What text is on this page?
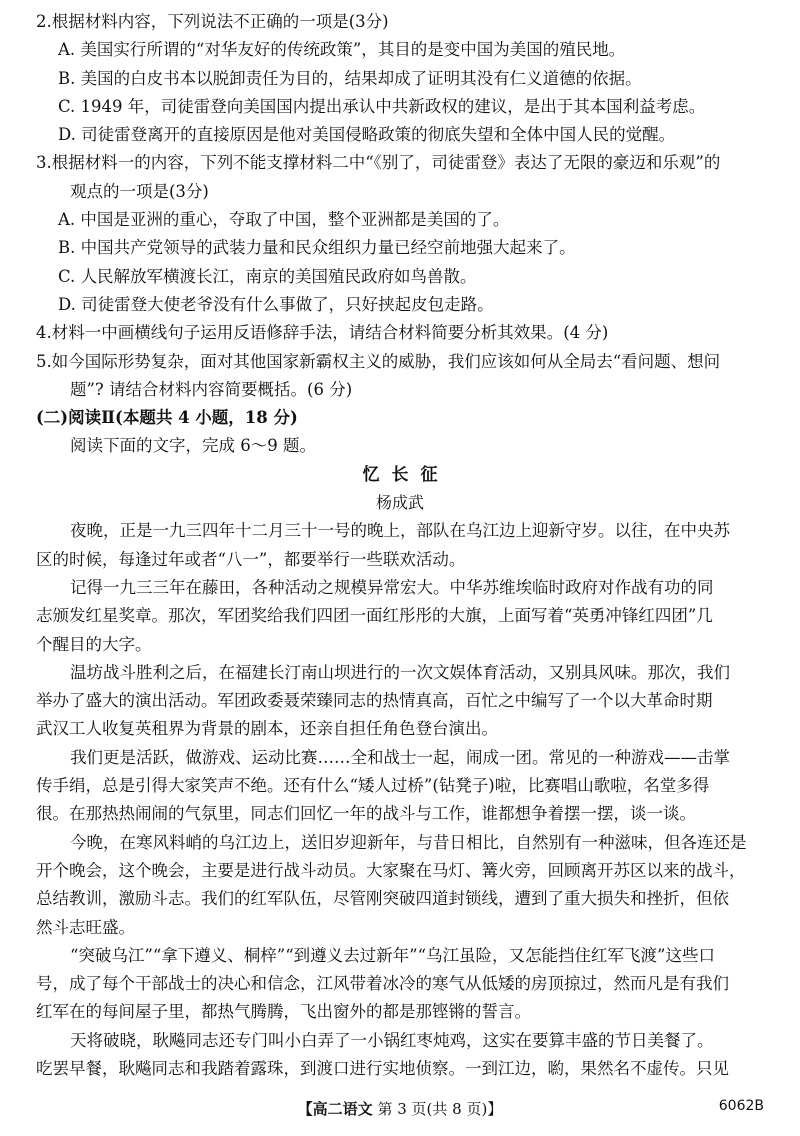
2.根据材料内容，下列说法不正确的一项是(3分)
A. 美国实行所谓的“对华友好的传统政策”，其目的是变中国为美国的殖民地。
B. 美国的白皮书本以脱卸责任为目的，结果却成了证明其没有仁义道德的依据。
C. 1949 年，司徒雷登向美国国内提出承认中共新政权的建议，是出于其本国利益考虑。
D. 司徒雷登离开的直接原因是他对美国侵略政策的彻底失望和全体中国人民的觉醒。
3.根据材料一的内容，下列不能支撑材料二中“《别了，司徒雷登》表达了无限的豪迈和乐观”的
观点的一项是(3分)
A. 中国是亚洲的重心，夺取了中国，整个亚洲都是美国的了。
B. 中国共产党领导的武装力量和民众组织力量已经空前地强大起来了。
C. 人民解放军横渡长江，南京的美国殖民政府如鸟兽散。
D. 司徒雷登大使老爷没有什么事做了，只好挟起皮包走路。
4.材料一中画横线句子运用反语修辞手法，请结合材料简要分析其效果。(4 分)
5.如今国际形势复杂，面对其他国家新霸权主义的威胁，我们应该如何从全局去“看问题、想问
题”? 请结合材料内容简要概括。(6 分)
(二)阅读Ⅱ(本题共 4 小题，18 分)
阅读下面的文字，完成 6～9 题。
忆长征
杨成武
夜晚，正是一九三四年十二月三十一号的晚上，部队在乌江边上迎新守岁。以往，在中央苏
区的时候，每逢过年或者“八一”，都要举行一些联欢活动。
记得一九三三年在藤田，各种活动之规模异常宏大。中华苏维埃临时政府对作战有功的同
志颁发红星奖章。那次，军团奖给我们四团一面红彤彤的大旗，上面写着“英勇冲锋红四团”几
个醒目的大字。
温坊战斗胜利之后，在福建长汀南山坝进行的一次文娱体育活动，又别具风味。那次，我们
举办了盛大的演出活动。军团政委聂荣臻同志的热情真高，百忙之中编写了一个以大革命时期
武汉工人收复英租界为背景的剧本，还亲自担任角色登台演出。
我们更是活跃，做游戏、运动比赛……全和战士一起，闹成一团。常见的一种游戏——击掌
传手绢，总是引得大家笑声不绝。还有什么“矮人过桥”(钻凳子)啦，比赛唱山歌啦，名堂多得
很。在那热热闹闹的气氛里，同志们回忆一年的战斗与工作，谁都想争着摆一摆，谈一谈。
今晚，在寒风料峭的乌江边上，送旧岁迎新年，与昔日相比，自然别有一种滋味，但各连还是
开个晚会，这个晚会，主要是进行战斗动员。大家聚在马灯、篝火旁，回顾离开苏区以来的战斗，
总结教训，激励斗志。我们的红军队伍，尽管刚突破四道封锁线，遭到了重大损失和挫折，但依
然斗志旺盛。
“突破乌江”“拿下遵义、桐梓”“到遵义去过新年”“乌江虽险，又怎能挡住红军飞渡”这些口
号，成了每个干部战士的决心和信念，江风带着冰冷的寒气从低矮的房顶掠过，然而凡是有我们
红军在的每间屋子里，都热气腾腾，飞出窗外的都是那铿锵的誓言。
天将破晓，耿飚同志还专门叫小白弄了一小锅红枣炖鸡，这实在要算丰盛的节日美餐了。
吃罢早餐，耿飚同志和我踏着露珠，到渡口进行实地侦察。一到江边，喲，果然名不虚传。只见
【高二语文 第 3 页(共 8 页)】	6062B
